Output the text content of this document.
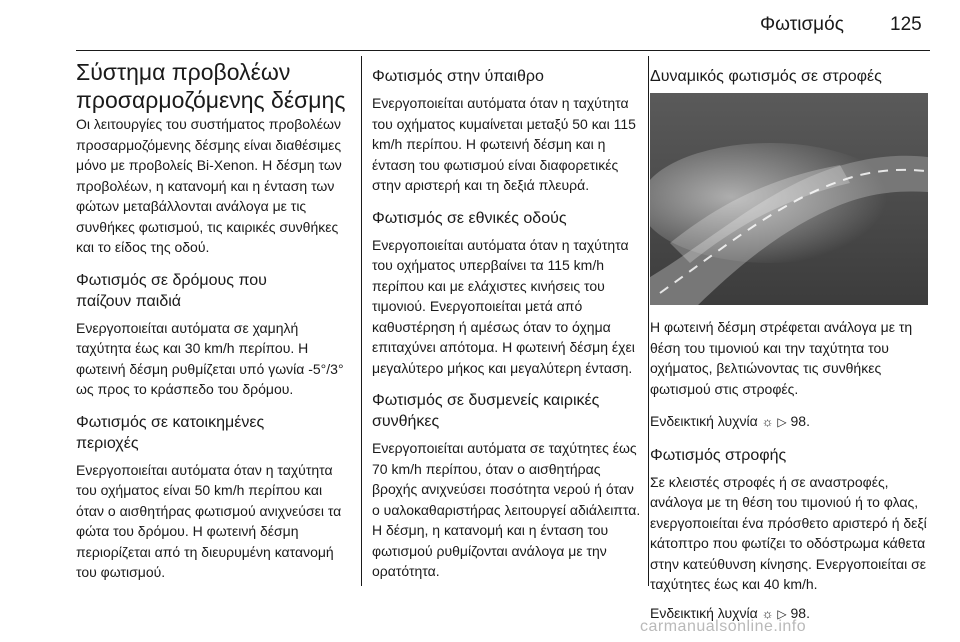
Φωτισμός 125
Σύστημα προβολέων
προσαρμοζόμενης δέσμης

Οι λειτουργίες του συστήματος προβολέων προσαρμοζόμενης δέσμης είναι διαθέσιμες μόνο με προβολείς Bi-Xenon. Η δέσμη των προβολέων, η κατανομή και η ένταση των φώτων μεταβάλλονται ανάλογα με τις συνθήκες φωτισμού, τις καιρικές συνθήκες και το είδος της οδού.

Φωτισμός σε δρόμους που
παίζουν παιδιά

Ενεργοποιείται αυτόματα σε χαμηλή ταχύτητα έως και 30 km/h περίπου. Η φωτεινή δέσμη ρυθμίζεται υπό γωνία -5°/3° ως προς το κράσπεδο του δρόμου.

Φωτισμός σε κατοικημένες
περιοχές

Ενεργοποιείται αυτόματα όταν η ταχύτητα του οχήματος είναι 50 km/h περίπου και όταν ο αισθητήρας φωτισμού ανιχνεύσει τα φώτα του δρόμου. Η φωτεινή δέσμη περιορίζεται από τη διευρυμένη κατανομή του φωτισμού.

Φωτισμός στην ύπαιθρο

Ενεργοποιείται αυτόματα όταν η ταχύτητα του οχήματος κυμαίνεται μεταξύ 50 και 115 km/h περίπου. Η φωτεινή δέσμη και η ένταση του φωτισμού είναι διαφορετικές στην αριστερή και τη δεξιά πλευρά.

Φωτισμός σε εθνικές οδούς

Ενεργοποιείται αυτόματα όταν η ταχύτητα του οχήματος υπερβαίνει τα 115 km/h περίπου και με ελάχιστες κινήσεις του τιμονιού. Ενεργοποιείται μετά από καθυστέρηση ή αμέσως όταν το όχημα επιταχύνει απότομα. Η φωτεινή δέσμη έχει μεγαλύτερο μήκος και μεγαλύτερη ένταση.

Φωτισμός σε δυσμενείς καιρικές
συνθήκες

Ενεργοποιείται αυτόματα σε ταχύτητες έως 70 km/h περίπου, όταν ο αισθητήρας βροχής ανιχνεύσει ποσότητα νερού ή όταν ο υαλοκαθαριστήρας λειτουργεί αδιάλειπτα. Η δέσμη, η κατανομή και η ένταση του φωτισμού ρυθμίζονται ανάλογα με την ορατότητα.

Δυναμικός φωτισμός σε στροφές

Η φωτεινή δέσμη στρέφεται ανάλογα με τη θέση του τιμονιού και την ταχύτητα του οχήματος, βελτιώνοντας τις συνθήκες φωτισμού στις στροφές.

Ενδεικτική λυχνία ☼ ▷ 98.

Φωτισμός στροφής

Σε κλειστές στροφές ή σε αναστροφές, ανάλογα με τη θέση του τιμονιού ή το φλας, ενεργοποιείται ένα πρόσθετο αριστερό ή δεξί κάτοπτρο που φωτίζει το οδόστρωμα κάθετα στην κατεύθυνση κίνησης. Ενεργοποιείται σε ταχύτητες έως και 40 km/h.

Ενδεικτική λυχνία ☼ ▷ 98.

carmanualsonline.info
